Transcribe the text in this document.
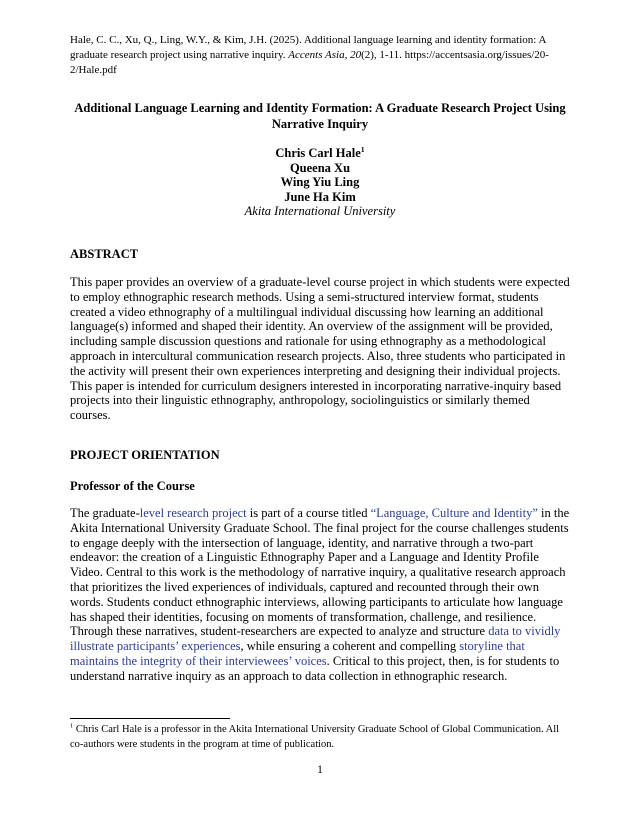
Hale, C. C., Xu, Q., Ling, W.Y., & Kim, J.H. (2025). Additional language learning and identity formation: A graduate research project using narrative inquiry. Accents Asia, 20(2), 1-11. https://accentsasia.org/issues/20-2/Hale.pdf

Additional Language Learning and Identity Formation: A Graduate Research Project Using Narrative Inquiry

Chris Carl Hale$^1$

Queena Xu

Wing Yiu Ling

June Ha Kim

Akita International University

ABSTRACT

This paper provides an overview of a graduate-level course project in which students were expected to employ ethnographic research methods. Using a semi-structured interview format, students created a video ethnography of a multilingual individual discussing how learning an additional language(s) informed and shaped their identity. An overview of the assignment will be provided, including sample discussion questions and rationale for using ethnography as a methodological approach in intercultural communication research projects. Also, three students who participated in the activity will present their own experiences interpreting and designing their individual projects. This paper is intended for curriculum designers interested in incorporating narrative-inquiry based projects into their linguistic ethnography, anthropology, sociolinguistics or similarly themed courses.

PROJECT ORIENTATION
Professor of the Course

The graduate-level research project is part of a course titled “Language, Culture and Identity” in the Akita International University Graduate School. The final project for the course challenges students to engage deeply with the intersection of language, identity, and narrative through a two-part endeavor: the creation of a Linguistic Ethnography Paper and a Language and Identity Profile Video. Central to this work is the methodology of narrative inquiry, a qualitative research approach that prioritizes the lived experiences of individuals, captured and recounted through their own words. Students conduct ethnographic interviews, allowing participants to articulate how language has shaped their identities, focusing on moments of transformation, challenge, and resilience. Through these narratives, student-researchers are expected to analyze and structure data to vividly illustrate participants’ experiences, while ensuring a coherent and compelling storyline that maintains the integrity of their interviewees’ voices. Critical to this project, then, is for students to understand narrative inquiry as an approach to data collection in ethnographic research.

$^1$ Chris Carl Hale is a professor in the Akita International University Graduate School of Global Communication. All co-authors were students in the program at time of publication.

1
